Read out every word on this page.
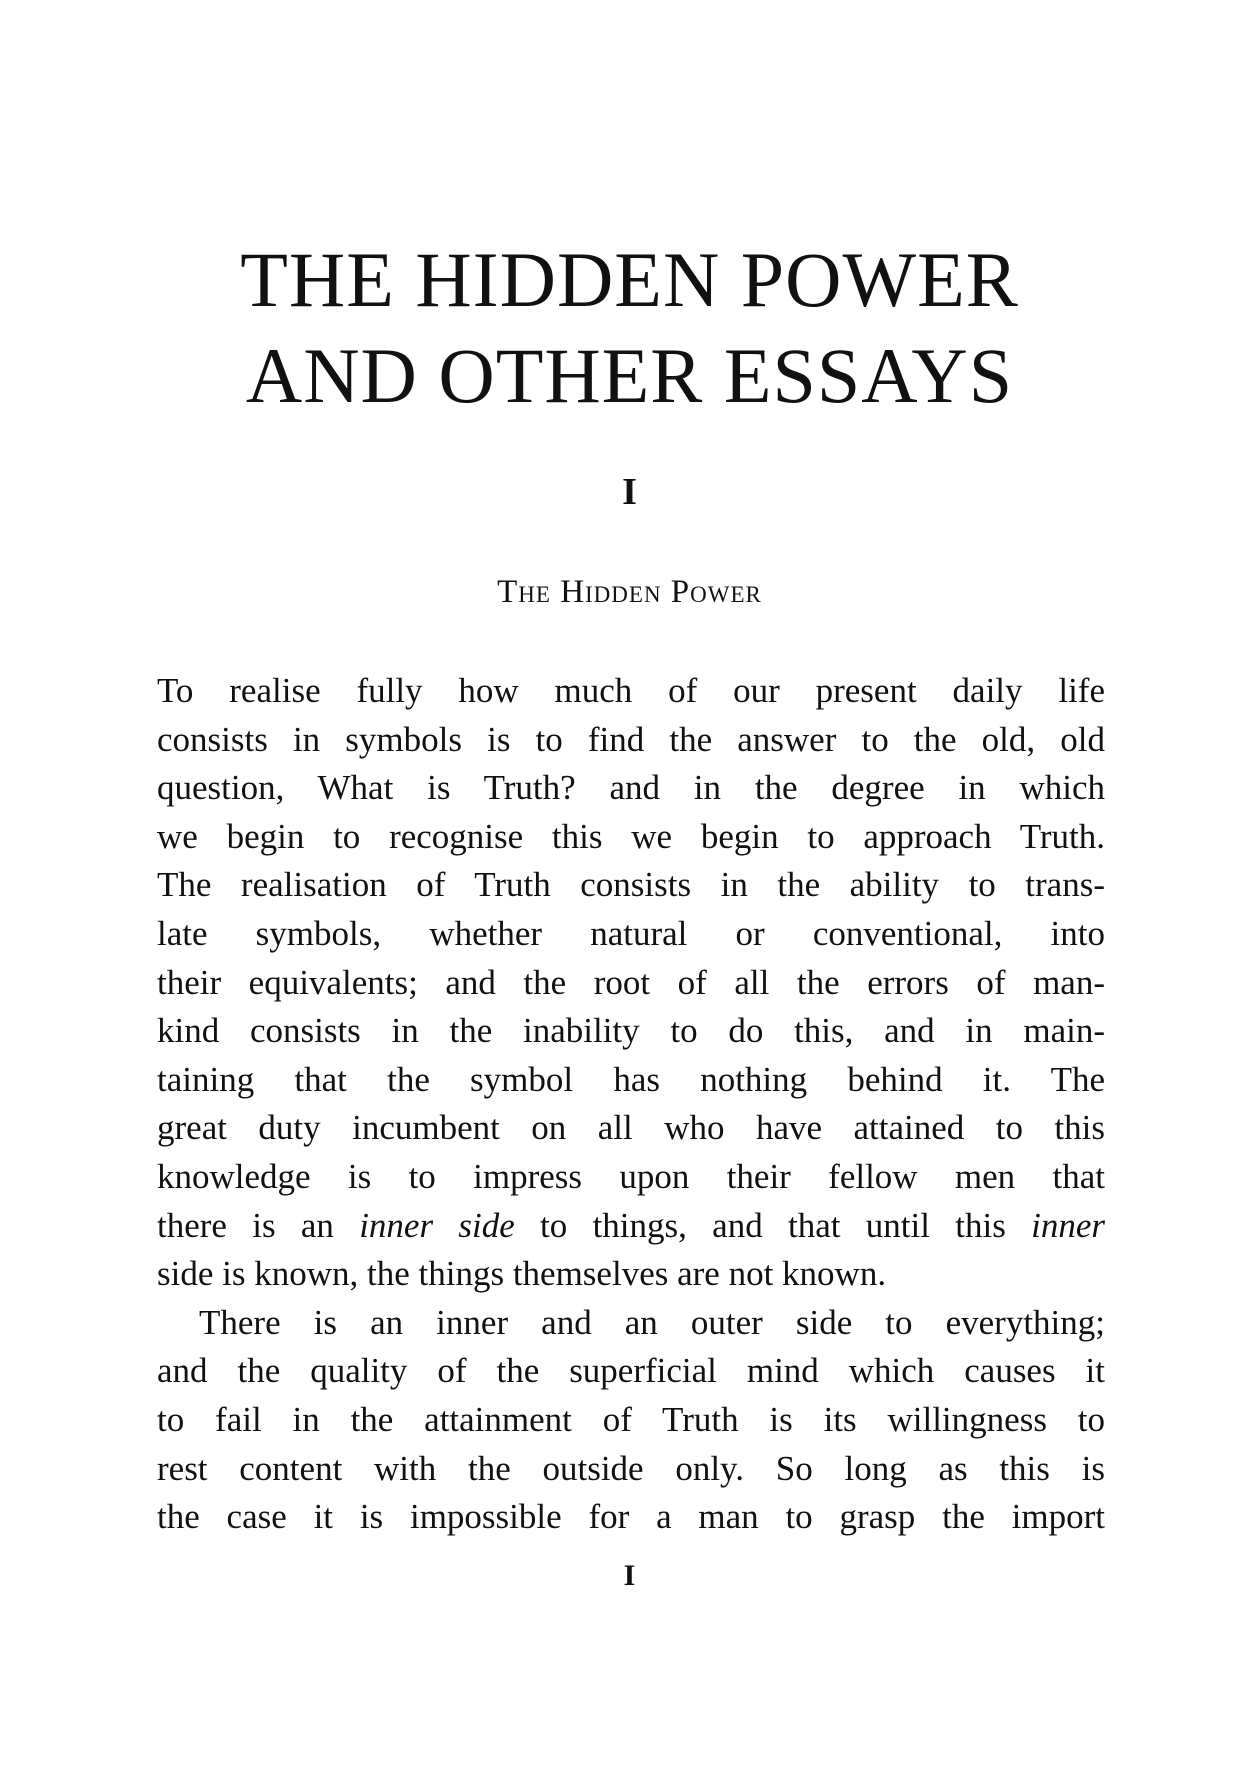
THE HIDDEN POWER
AND OTHER ESSAYS
I
The Hidden Power
To realise fully how much of our present daily life
consists in symbols is to find the answer to the old, old
question, What is Truth? and in the degree in which
we begin to recognise this we begin to approach Truth.
The realisation of Truth consists in the ability to trans-
late symbols, whether natural or conventional, into
their equivalents; and the root of all the errors of man-
kind consists in the inability to do this, and in main-
taining that the symbol has nothing behind it. The
great duty incumbent on all who have attained to this
knowledge is to impress upon their fellow men that
there is an inner side to things, and that until this inner
side is known, the things themselves are not known.
There is an inner and an outer side to everything;
and the quality of the superficial mind which causes it
to fail in the attainment of Truth is its willingness to
rest content with the outside only. So long as this is
the case it is impossible for a man to grasp the import
I
